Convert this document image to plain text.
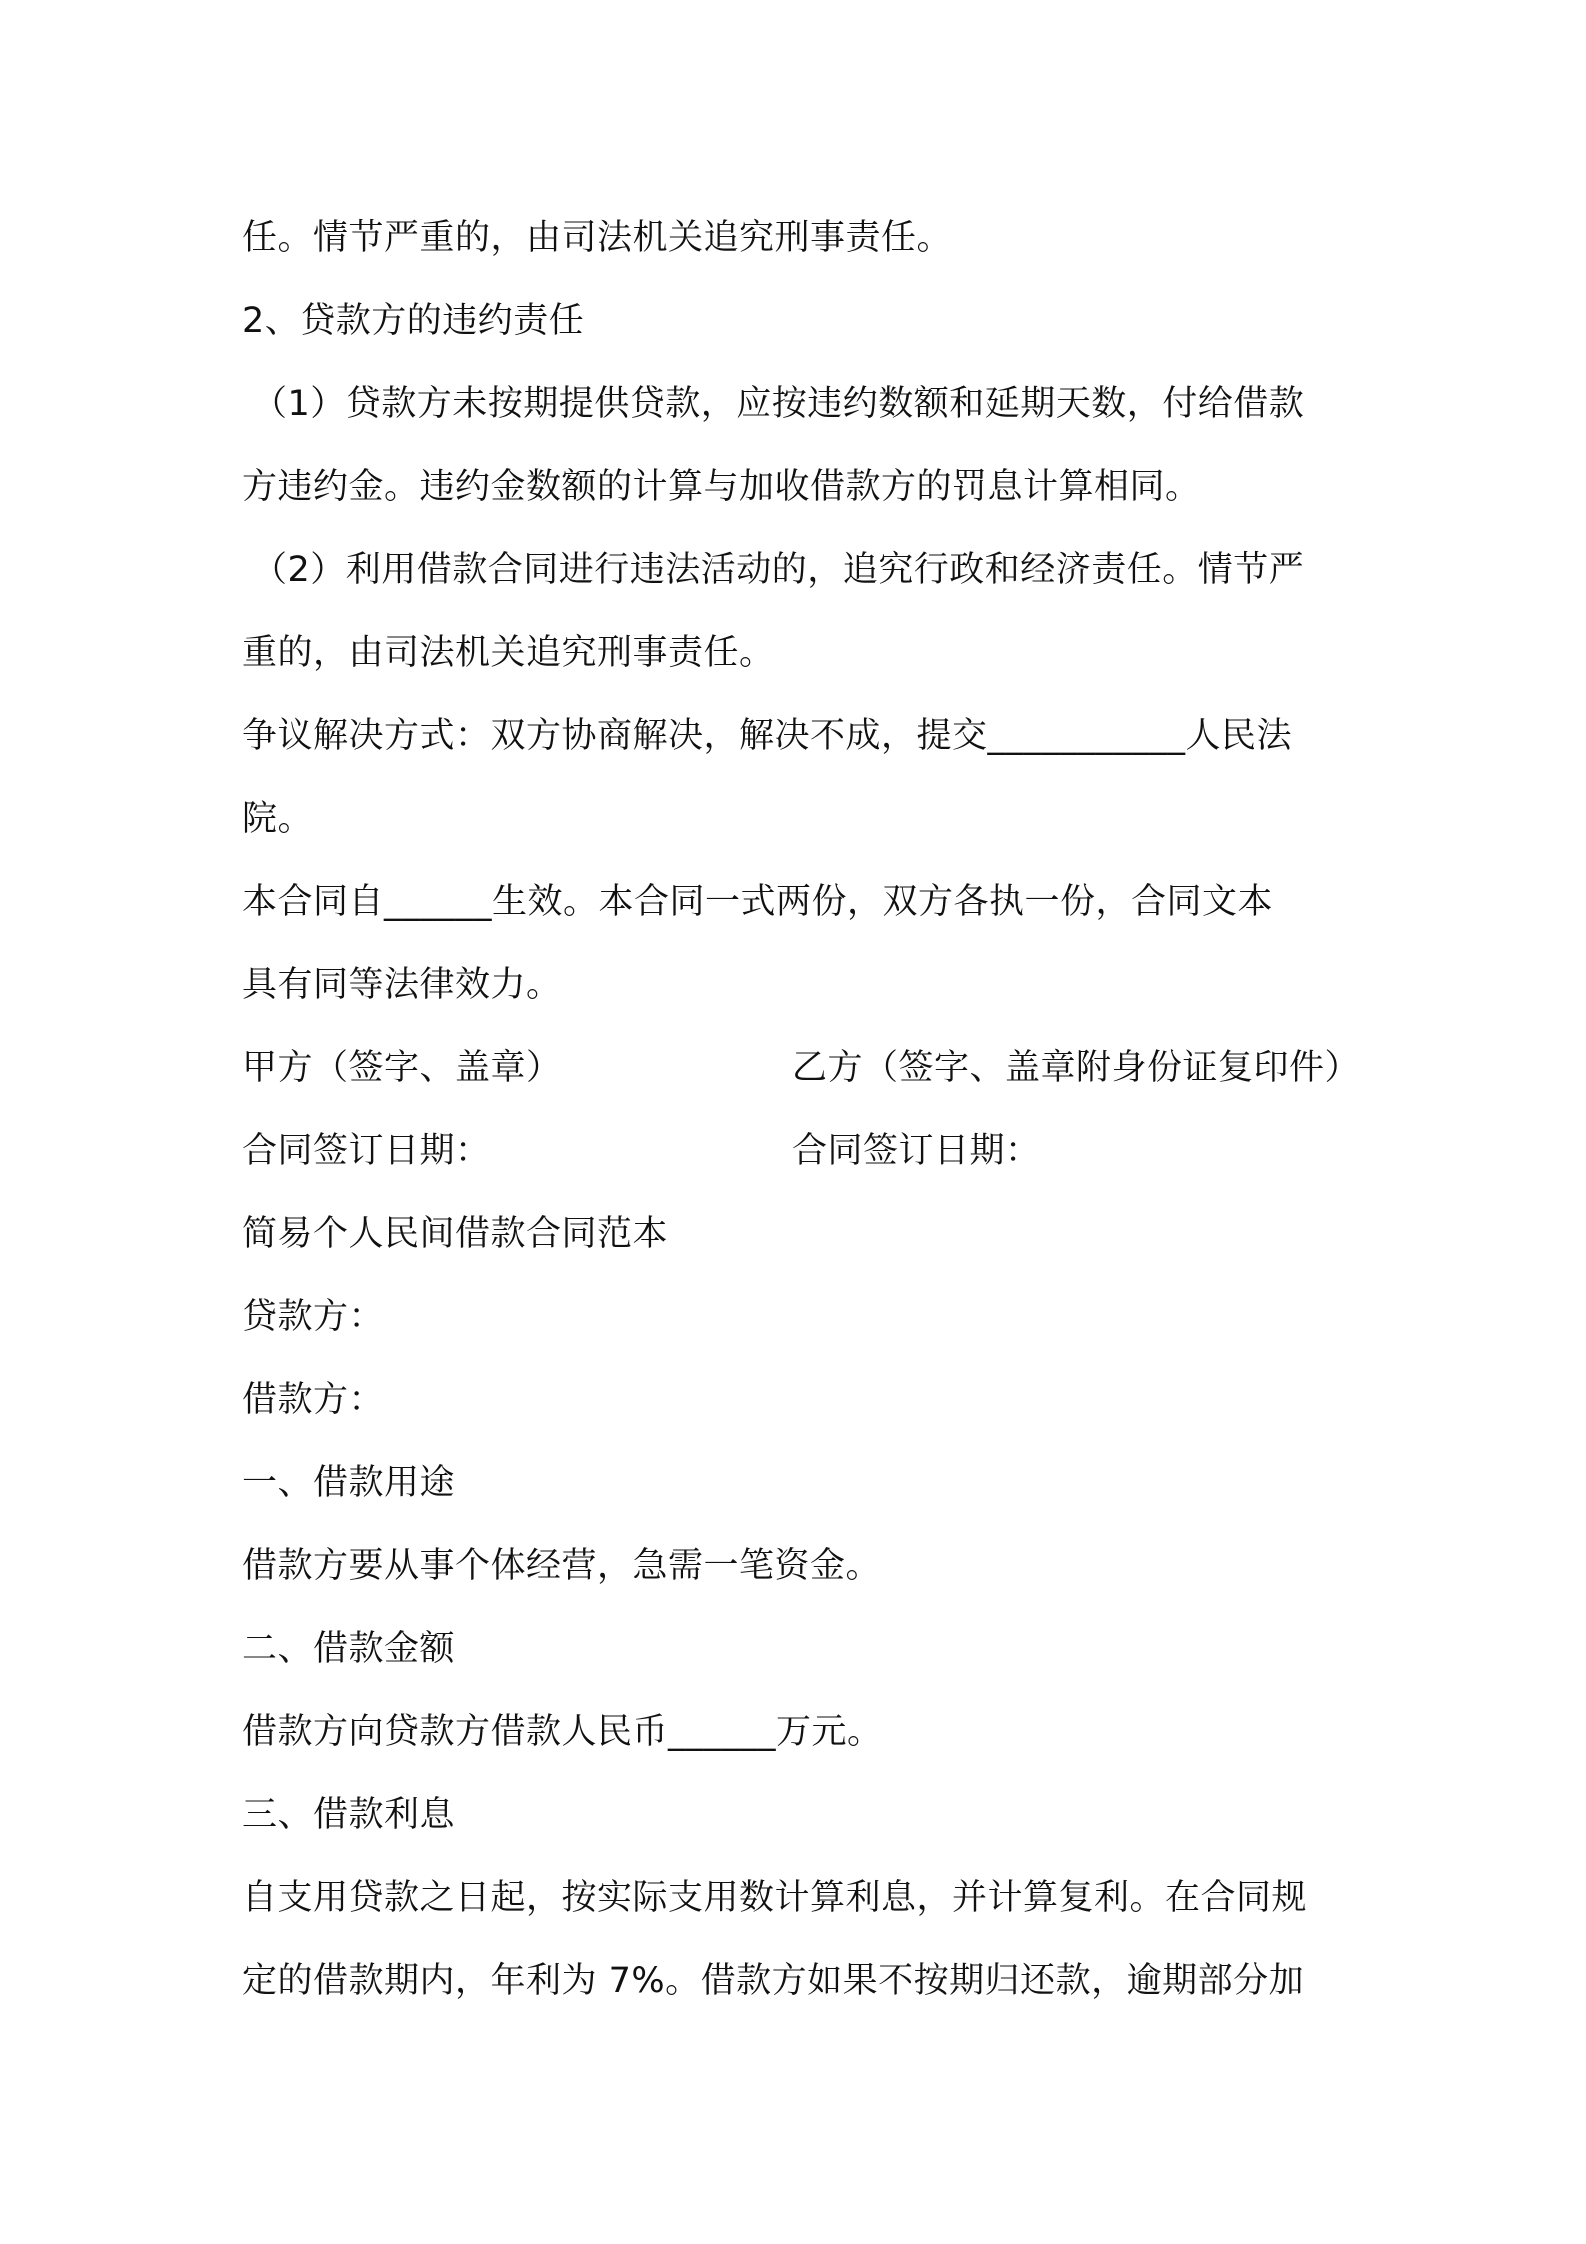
任。情节严重的，由司法机关追究刑事责任。
2、贷款方的违约责任
（1）贷款方未按期提供贷款，应按违约数额和延期天数，付给借款
方违约金。违约金数额的计算与加收借款方的罚息计算相同。
（2）利用借款合同进行违法活动的，追究行政和经济责任。情节严
重的，由司法机关追究刑事责任。
争议解决方式：双方协商解决，解决不成，提交___________人民法
院。
本合同自______生效。本合同一式两份，双方各执一份，合同文本
具有同等法律效力。
甲方（签字、盖章）	乙方（签字、盖章附身份证复印件）
合同签订日期：	合同签订日期：
简易个人民间借款合同范本
贷款方：
借款方：
一、借款用途
借款方要从事个体经营，急需一笔资金。
二、借款金额
借款方向贷款方借款人民币______万元。
三、借款利息
自支用贷款之日起，按实际支用数计算利息，并计算复利。在合同规
定的借款期内，年利为 7%。借款方如果不按期归还款，逾期部分加
